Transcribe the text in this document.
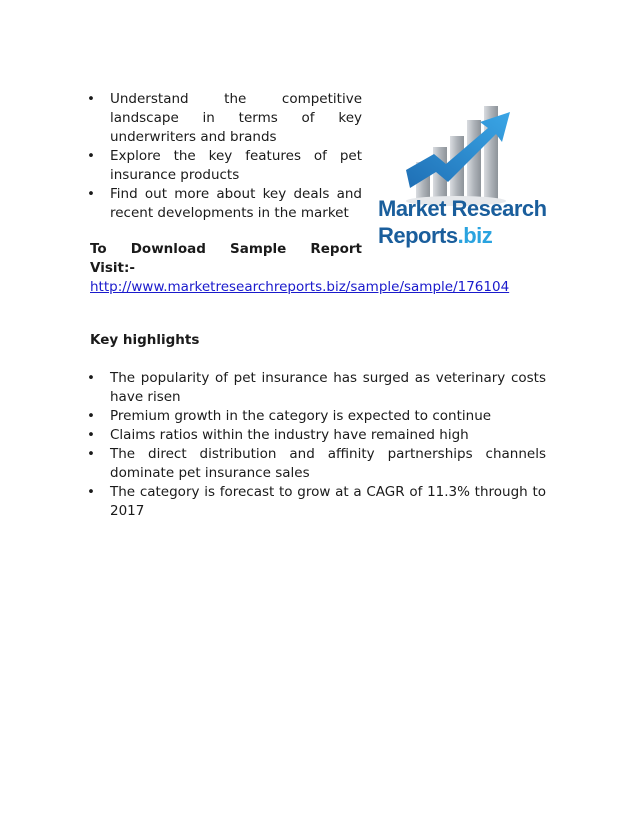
• Understand the competitive landscape in terms of key underwriters and brands
• Explore the key features of pet insurance products
• Find out more about key deals and recent developments in the market
To Download Sample Report
Visit:-
http://www.marketresearchreports.biz/sample/sample/176104
Key highlights
• The popularity of pet insurance has surged as veterinary costs have risen
• Premium growth in the category is expected to continue
• Claims ratios within the industry have remained high
• The direct distribution and affinity partnerships channels dominate pet insurance sales
• The category is forecast to grow at a CAGR of 11.3% through to 2017
Market Research
Reports.biz
